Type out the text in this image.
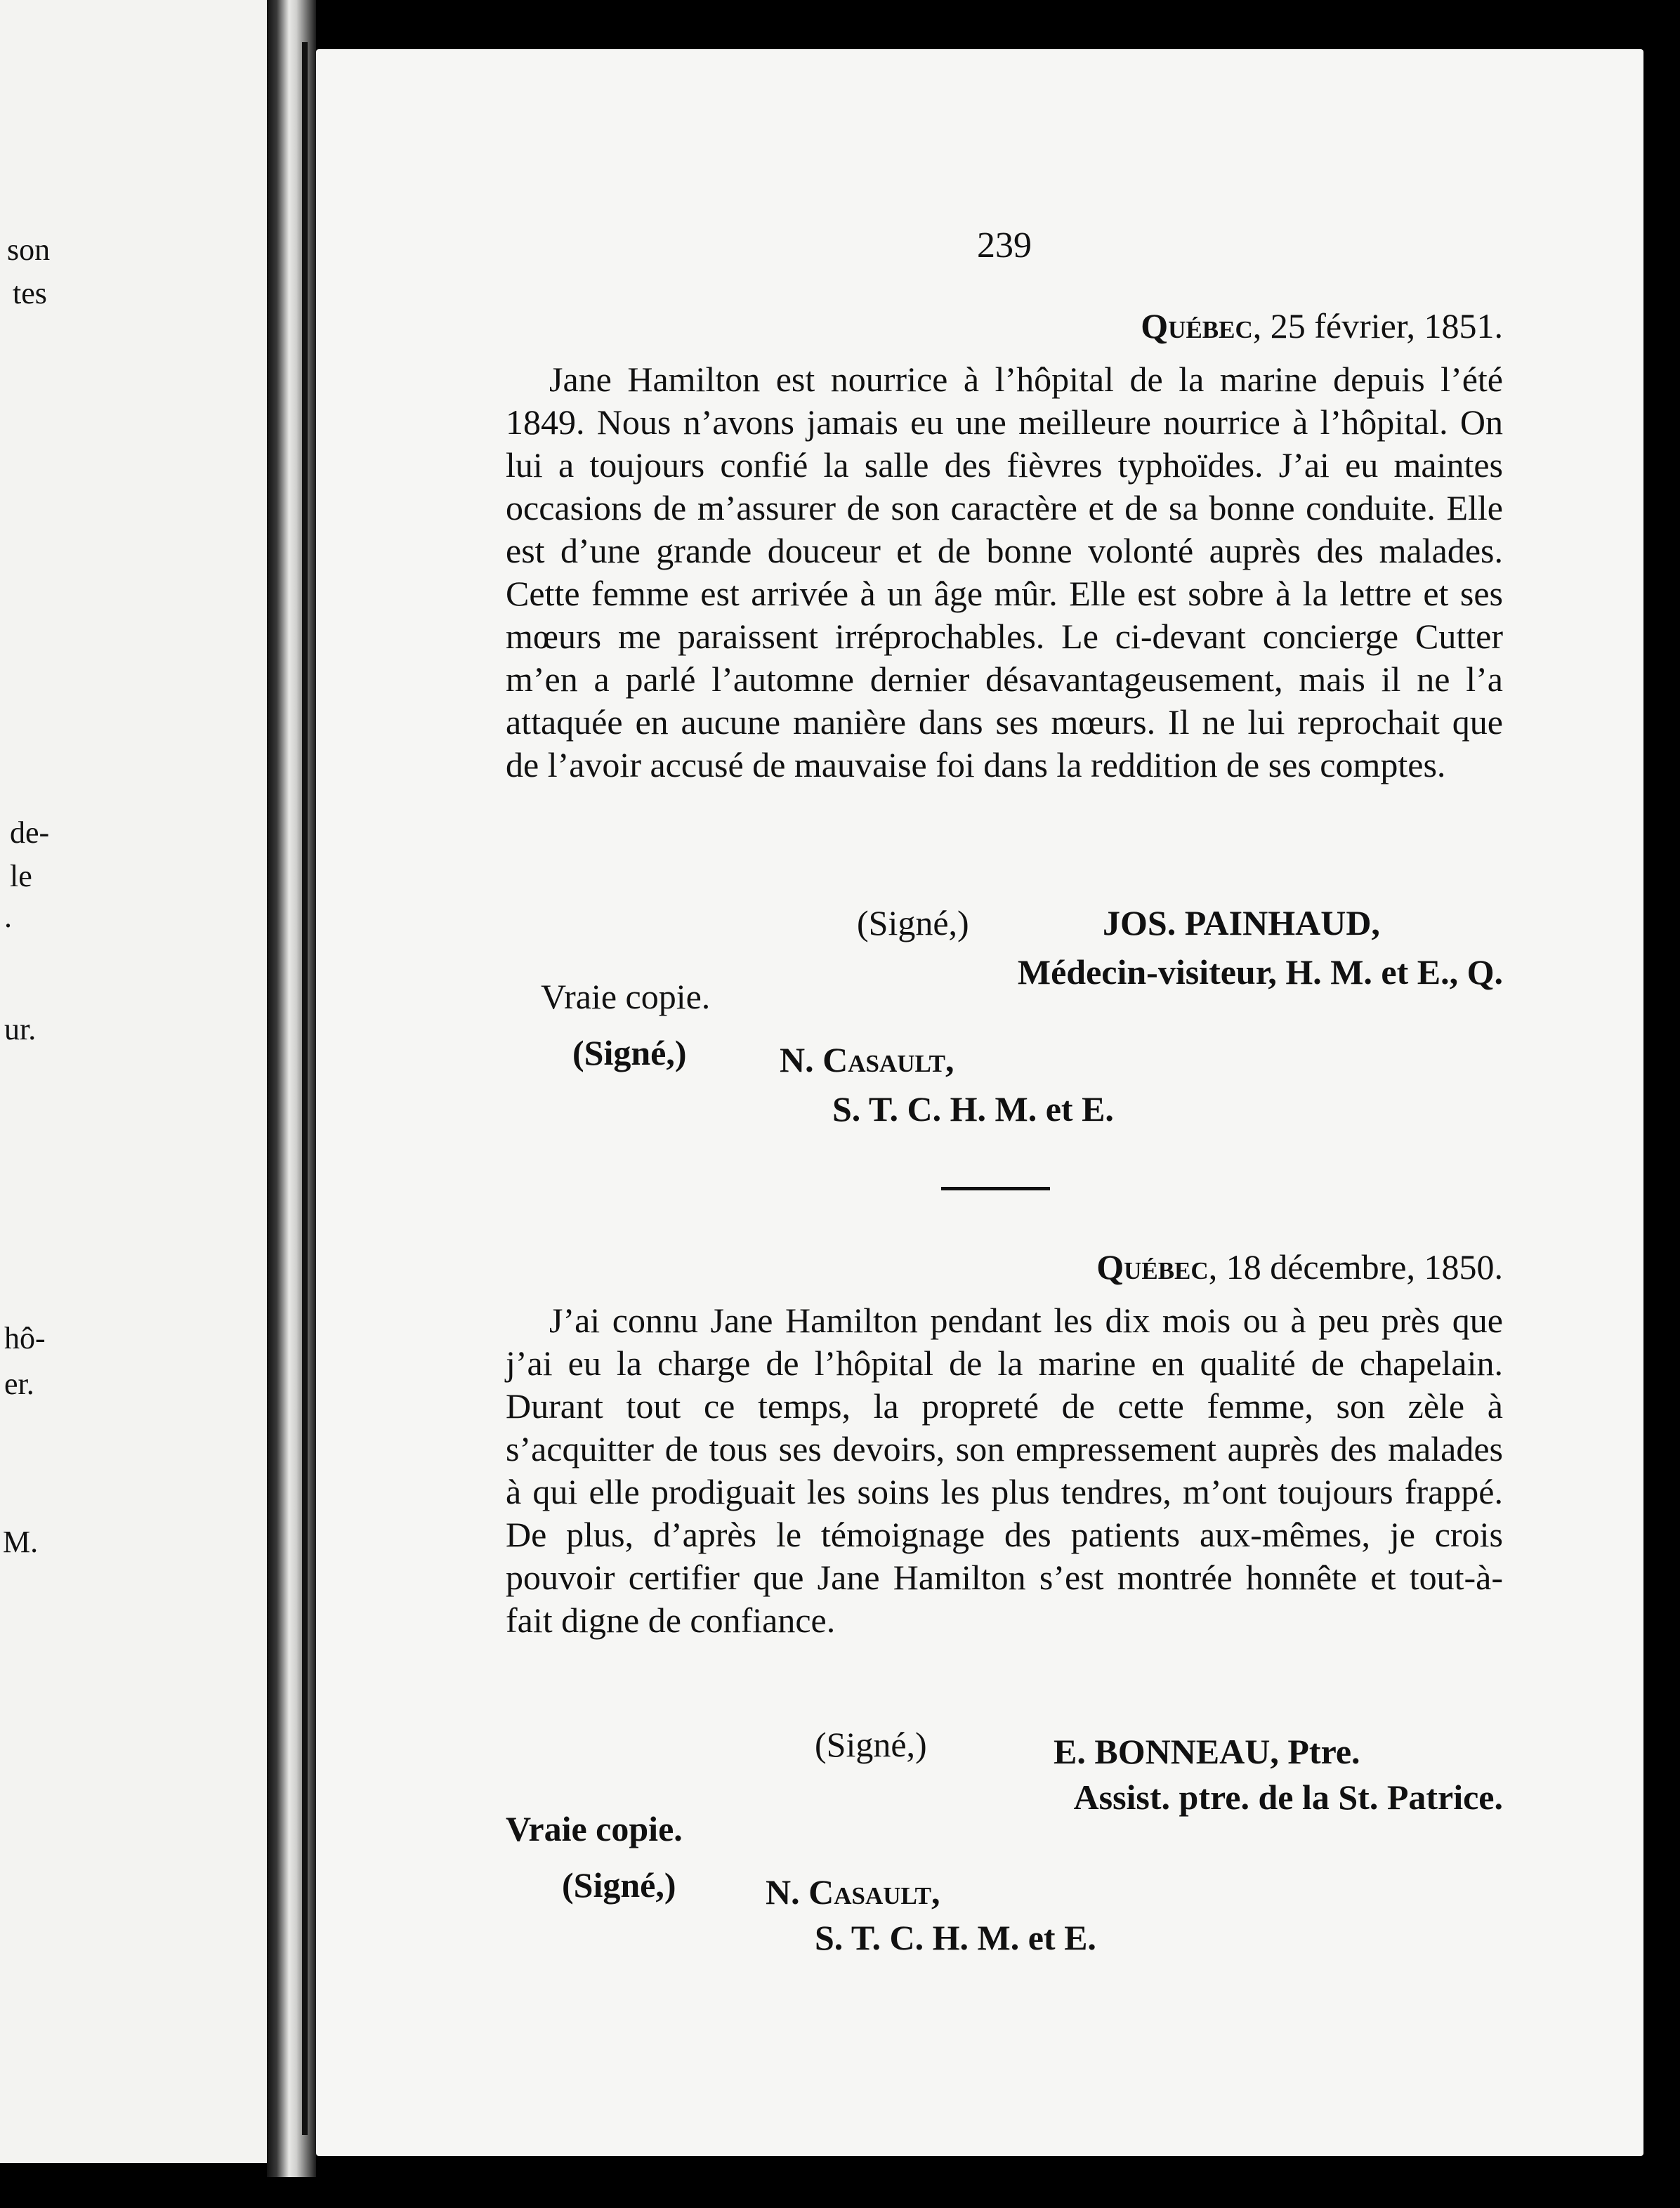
son
tes
de-
le
.
ur.
hô-
er.
M.
239
Québec, 25 février, 1851.

Jane Hamilton est nourrice à l’hôpital de la marine depuis l’été 1849. Nous n’avons jamais eu une meilleure nourrice à l’hôpital. On lui a toujours confié la salle des fièvres typhoïdes. J’ai eu maintes occasions de m’assurer de son caractère et de sa bonne conduite. Elle est d’une grande douceur et de bonne volonté auprès des malades. Cette femme est arrivée à un âge mûr. Elle est sobre à la lettre et ses mœurs me paraissent irréprochables. Le ci-devant concierge Cutter m’en a parlé l’automne dernier désavantageusement, mais il ne l’a attaquée en aucune manière dans ses mœurs. Il ne lui reprochait que de l’avoir accusé de mauvaise foi dans la reddition de ses comptes.

(Signé,)	JOS. PAINHAUD,
Médecin-visiteur, H. M. et E., Q.
Vraie copie.
(Signé,)	N. Casault,
S. T. C. H. M. et E.
Québec, 18 décembre, 1850.

J’ai connu Jane Hamilton pendant les dix mois ou à peu près que j’ai eu la charge de l’hôpital de la marine en qualité de chapelain. Durant tout ce temps, la propreté de cette femme, son zèle à s’acquitter de tous ses devoirs, son empressement auprès des malades à qui elle prodiguait les soins les plus tendres, m’ont toujours frappé. De plus, d’après le témoignage des patients aux-mêmes, je crois pouvoir certifier que Jane Hamilton s’est montrée honnête et tout-à-fait digne de confiance.

(Signé,)	E. BONNEAU, Ptre.
Assist. ptre. de la St. Patrice.
Vraie copie.
(Signé,)	N. Casault,
S. T. C. H. M. et E.
